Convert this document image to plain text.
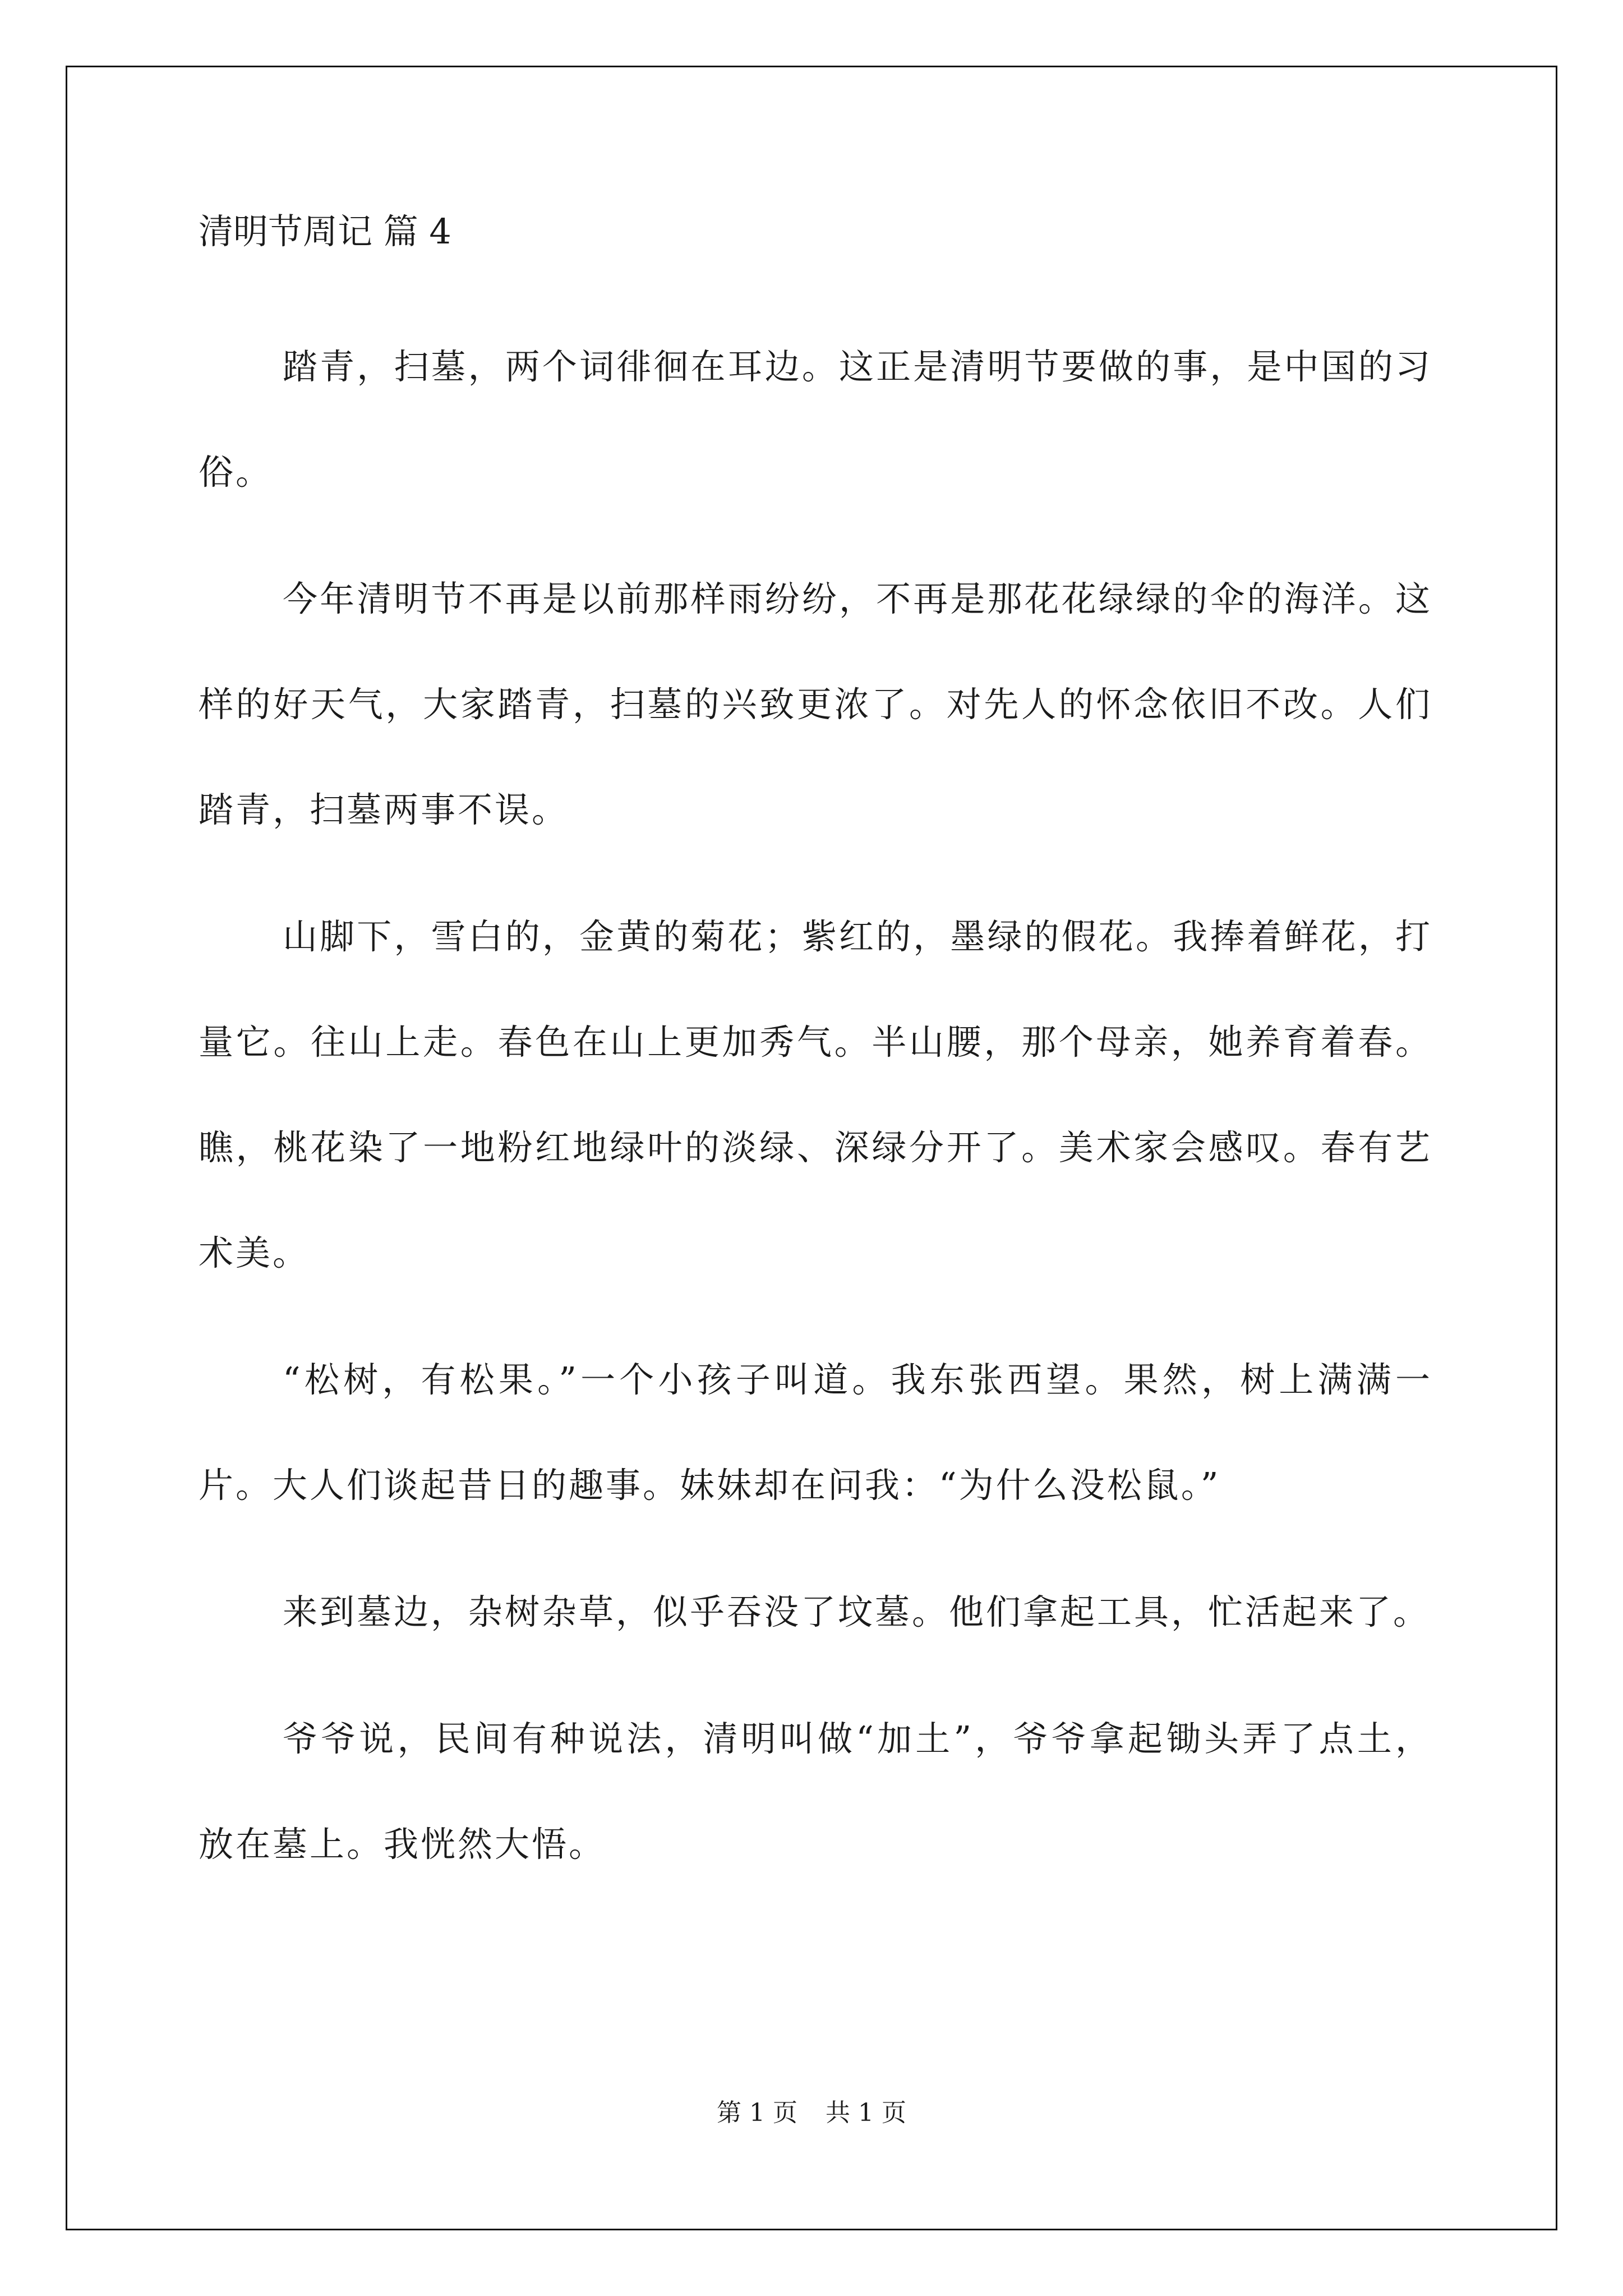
清明节周记 篇 4

踏青，扫墓，两个词徘徊在耳边。这正是清明节要做的事，是中国的习俗。

今年清明节不再是以前那样雨纷纷，不再是那花花绿绿的伞的海洋。这样的好天气，大家踏青，扫墓的兴致更浓了。对先人的怀念依旧不改。人们踏青，扫墓两事不误。

山脚下，雪白的，金黄的菊花；紫红的，墨绿的假花。我捧着鲜花，打量它。往山上走。春色在山上更加秀气。半山腰，那个母亲，她养育着春。瞧，桃花染了一地粉红地绿叶的淡绿、深绿分开了。美术家会感叹。春有艺术美。

“松树，有松果。”一个小孩子叫道。我东张西望。果然，树上满满一片。大人们谈起昔日的趣事。妹妹却在问我：“为什么没松鼠。”

来到墓边，杂树杂草，似乎吞没了坟墓。他们拿起工具，忙活起来了。

爷爷说，民间有种说法，清明叫做“加土”，爷爷拿起锄头弄了点土，放在墓上。我恍然大悟。

第 1 页 共 1 页
